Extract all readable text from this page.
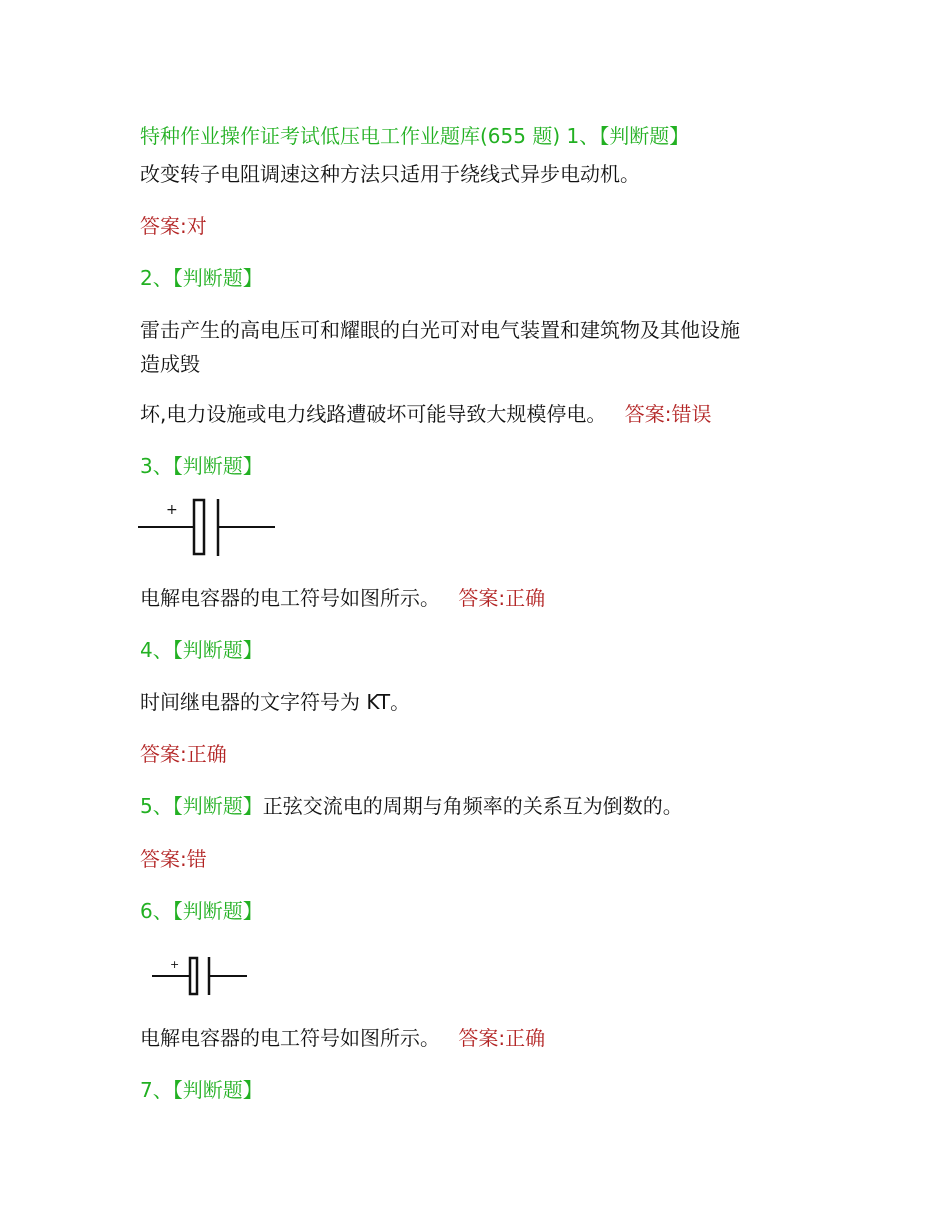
特种作业操作证考试低压电工作业题库(655 题) 1、【判断题】
改变转子电阻调速这种方法只适用于绕线式异步电动机。
答案:对
2、【判断题】
雷击产生的高电压可和耀眼的白光可对电气装置和建筑物及其他设施
造成毁
坏,电力设施或电力线路遭破坏可能导致大规模停电。 答案:错误
3、【判断题】
+
电解电容器的电工符号如图所示。 答案:正确
4、【判断题】
时间继电器的文字符号为 KT。
答案:正确
5、【判断题】正弦交流电的周期与角频率的关系互为倒数的。
答案:错
6、【判断题】
+
电解电容器的电工符号如图所示。 答案:正确
7、【判断题】
